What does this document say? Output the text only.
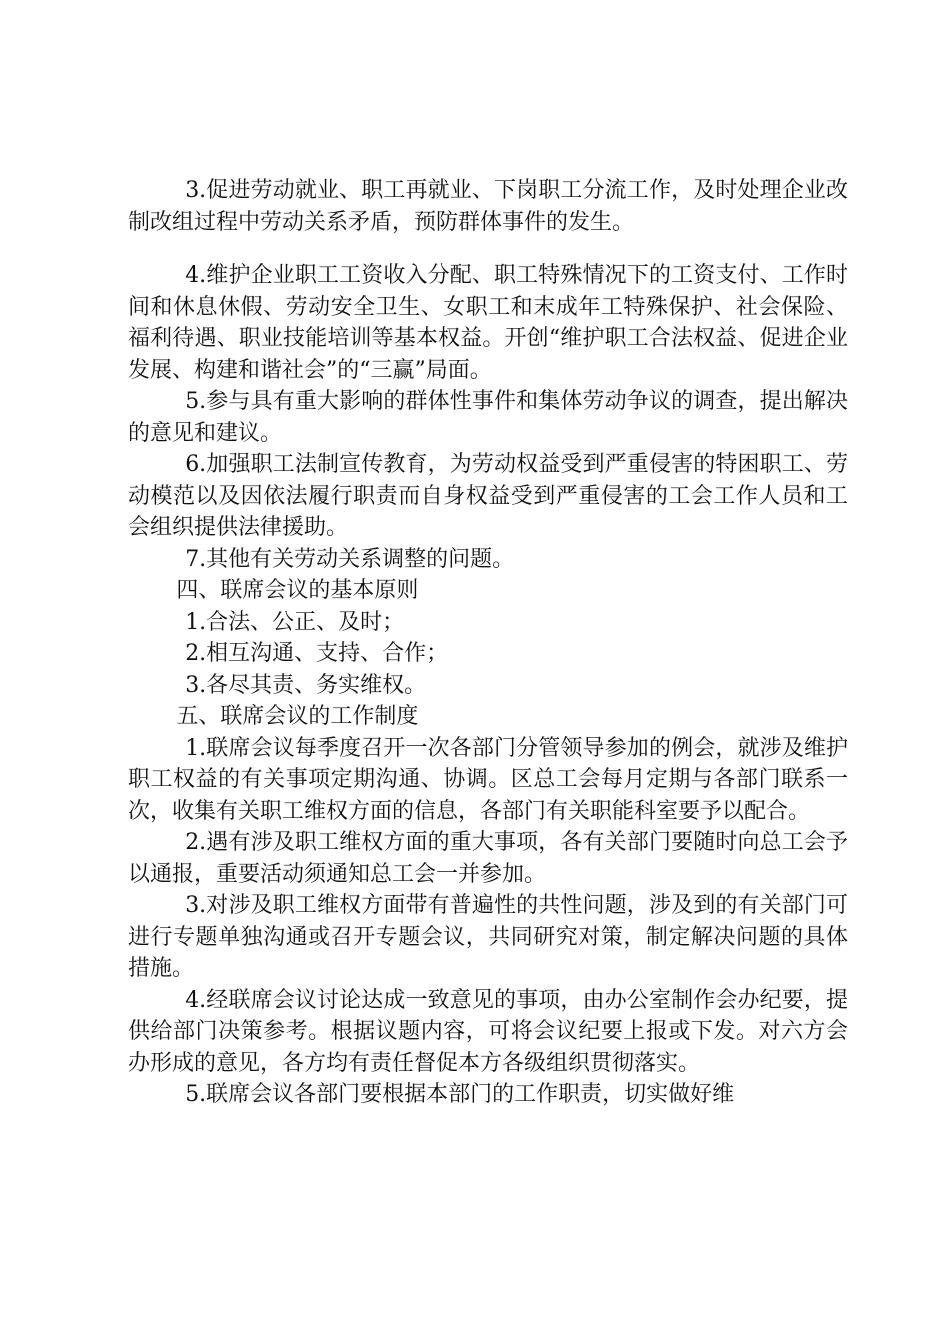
3.促进劳动就业、职工再就业、下岗职工分流工作，及时处理企业改制改组过程中劳动关系矛盾，预防群体事件的发生。

4.维护企业职工工资收入分配、职工特殊情况下的工资支付、工作时间和休息休假、劳动安全卫生、女职工和末成年工特殊保护、社会保险、福利待遇、职业技能培训等基本权益。开创“维护职工合法权益、促进企业发展、构建和谐社会”的“三赢”局面。

5.参与具有重大影响的群体性事件和集体劳动争议的调查，提出解决的意见和建议。

6.加强职工法制宣传教育，为劳动权益受到严重侵害的特困职工、劳动模范以及因依法履行职责而自身权益受到严重侵害的工会工作人员和工会组织提供法律援助。

7.其他有关劳动关系调整的问题。

四、联席会议的基本原则

1.合法、公正、及时；

2.相互沟通、支持、合作；

3.各尽其责、务实维权。

五、联席会议的工作制度

1.联席会议每季度召开一次各部门分管领导参加的例会，就涉及维护职工权益的有关事项定期沟通、协调。区总工会每月定期与各部门联系一次，收集有关职工维权方面的信息，各部门有关职能科室要予以配合。

2.遇有涉及职工维权方面的重大事项，各有关部门要随时向总工会予以通报，重要活动须通知总工会一并参加。

3.对涉及职工维权方面带有普遍性的共性问题，涉及到的有关部门可进行专题单独沟通或召开专题会议，共同研究对策，制定解决问题的具体措施。

4.经联席会议讨论达成一致意见的事项，由办公室制作会办纪要，提供给部门决策参考。根据议题内容，可将会议纪要上报或下发。对六方会办形成的意见，各方均有责任督促本方各级组织贯彻落实。

5.联席会议各部门要根据本部门的工作职责，切实做好维
